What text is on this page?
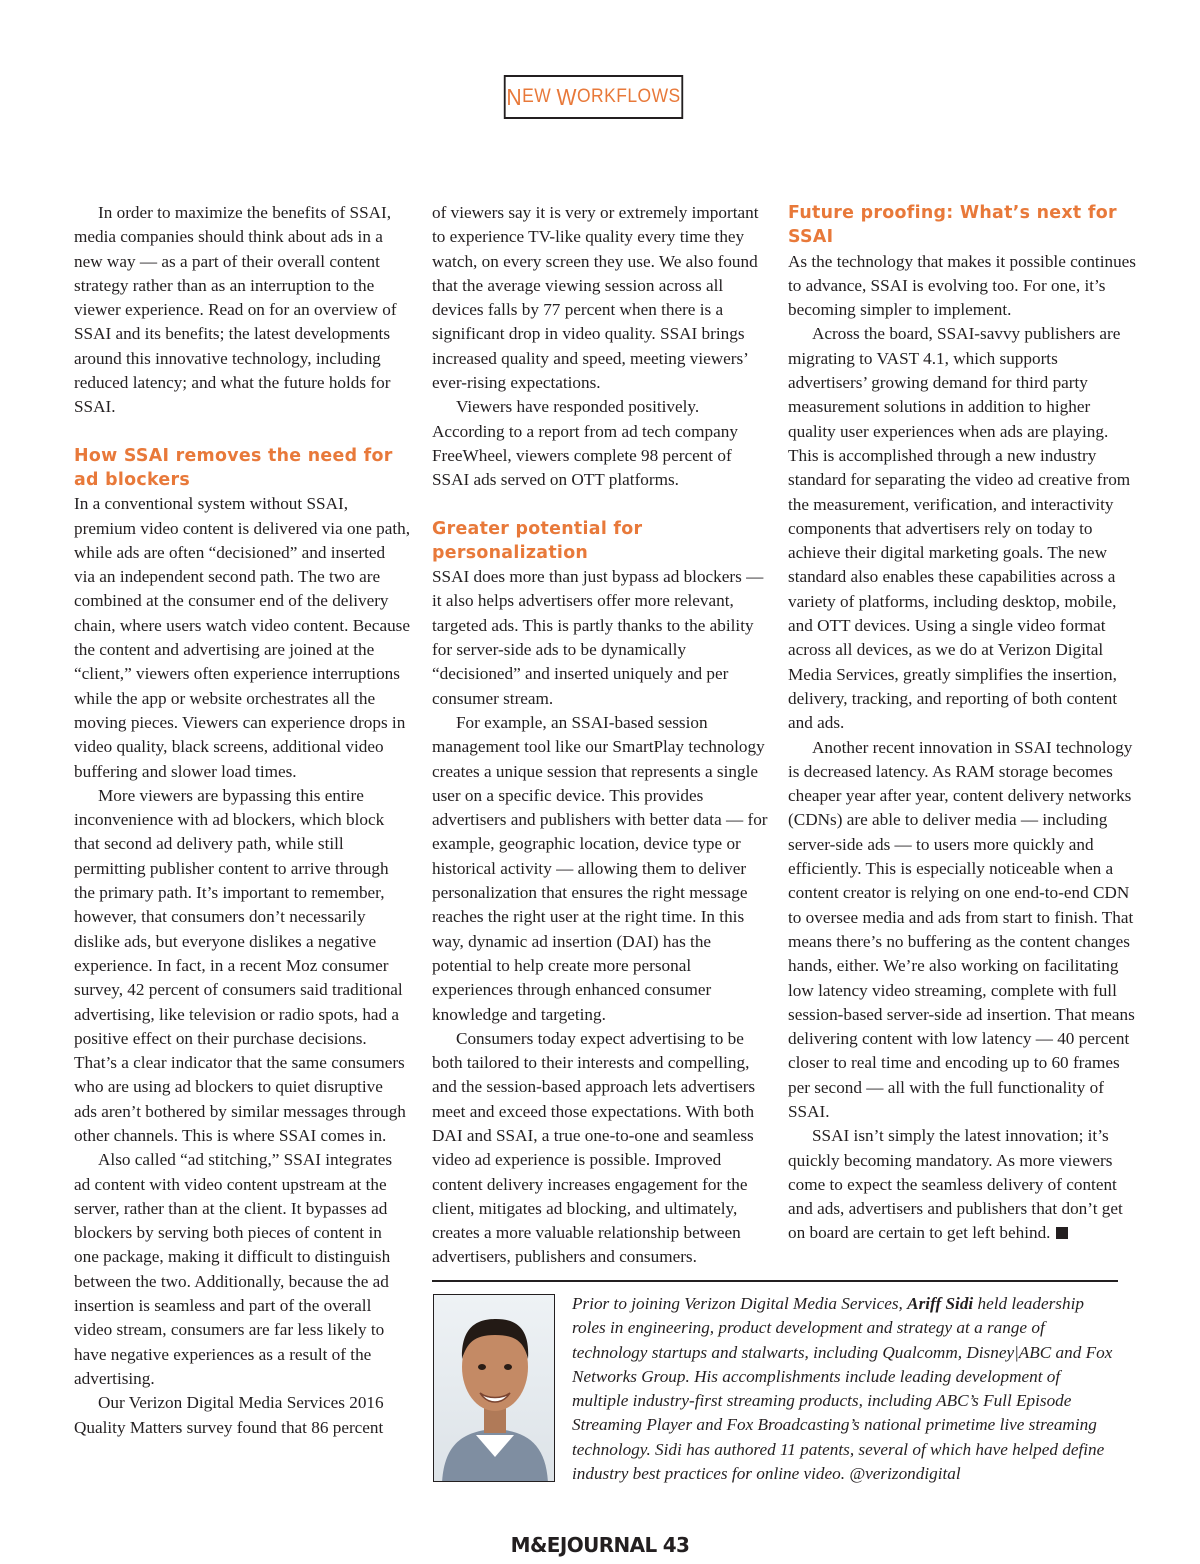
N EW W ORKFLOWS

In order to maximize the benefits of SSAI, media companies should think about ads in a new way — as a part of their overall content strategy rather than as an interruption to the viewer experience. Read on for an overview of SSAI and its benefits; the latest developments around this innovative technology, including reduced latency; and what the future holds for SSAI.

How SSAI removes the need for ad blockers

In a conventional system without SSAI, premium video content is delivered via one path, while ads are often “decisioned” and inserted via an independent second path. The two are combined at the consumer end of the delivery chain, where users watch video content. Because the content and advertising are joined at the “client,” viewers often experience interruptions while the app or website orchestrates all the moving pieces. Viewers can experience drops in video quality, black screens, additional video buffering and slower load times.

More viewers are bypassing this entire inconvenience with ad blockers, which block that second ad delivery path, while still permitting publisher content to arrive through the primary path. It’s important to remember, however, that consumers don’t necessarily dislike ads, but everyone dislikes a negative experience. In fact, in a recent Moz consumer survey, 42 percent of consumers said traditional advertising, like television or radio spots, had a positive effect on their purchase decisions. That’s a clear indicator that the same consumers who are using ad blockers to quiet disruptive ads aren’t bothered by similar messages through other channels. This is where SSAI comes in.

Also called “ad stitching,” SSAI integrates ad content with video content upstream at the server, rather than at the client. It bypasses ad blockers by serving both pieces of content in one package, making it difficult to distinguish between the two. Additionally, because the ad insertion is seamless and part of the overall video stream, consumers are far less likely to have negative experiences as a result of the advertising.

Our Verizon Digital Media Services 2016 Quality Matters survey found that 86 percent

of viewers say it is very or extremely important to experience TV-like quality every time they watch, on every screen they use. We also found that the average viewing session across all devices falls by 77 percent when there is a significant drop in video quality. SSAI brings increased quality and speed, meeting viewers’ ever-rising expectations.

Viewers have responded positively. According to a report from ad tech company FreeWheel, viewers complete 98 percent of SSAI ads served on OTT platforms.

Greater potential for personalization

SSAI does more than just bypass ad blockers — it also helps advertisers offer more relevant, targeted ads. This is partly thanks to the ability for server-side ads to be dynamically “decisioned” and inserted uniquely and per consumer stream.

For example, an SSAI-based session management tool like our SmartPlay technology creates a unique session that represents a single user on a specific device. This provides advertisers and publishers with better data — for example, geographic location, device type or historical activity — allowing them to deliver personalization that ensures the right message reaches the right user at the right time. In this way, dynamic ad insertion (DAI) has the potential to help create more personal experiences through enhanced consumer knowledge and targeting.

Consumers today expect advertising to be both tailored to their interests and compelling, and the session-based approach lets advertisers meet and exceed those expectations. With both DAI and SSAI, a true one-to-one and seamless video ad experience is possible. Improved content delivery increases engagement for the client, mitigates ad blocking, and ultimately, creates a more valuable relationship between advertisers, publishers and consumers.

Future proofing: What’s next for SSAI

As the technology that makes it possible continues to advance, SSAI is evolving too. For one, it’s becoming simpler to implement.

Across the board, SSAI-savvy publishers are migrating to VAST 4.1, which supports advertisers’ growing demand for third party measurement solutions in addition to higher quality user experiences when ads are playing. This is accomplished through a new industry standard for separating the video ad creative from the measurement, verification, and interactivity components that advertisers rely on today to achieve their digital marketing goals. The new standard also enables these capabilities across a variety of platforms, including desktop, mobile, and OTT devices. Using a single video format across all devices, as we do at Verizon Digital Media Services, greatly simplifies the insertion, delivery, tracking, and reporting of both content and ads.

Another recent innovation in SSAI technology is decreased latency. As RAM storage becomes cheaper year after year, content delivery networks (CDNs) are able to deliver media — including server-side ads — to users more quickly and efficiently. This is especially noticeable when a content creator is relying on one end-to-end CDN to oversee media and ads from start to finish. That means there’s no buffering as the content changes hands, either. We’re also working on facilitating low latency video streaming, complete with full session-based server-side ad insertion. That means delivering content with low latency — 40 percent closer to real time and encoding up to 60 frames per second — all with the full functionality of SSAI.

SSAI isn’t simply the latest innovation; it’s quickly becoming mandatory. As more viewers come to expect the seamless delivery of content and ads, advertisers and publishers that don’t get on board are certain to get left behind.

Prior to joining Verizon Digital Media Services, Ariff Sidi held leadership roles in engineering, product development and strategy at a range of technology startups and stalwarts, including Qualcomm, Disney|ABC and Fox Networks Group. His accomplishments include leading development of multiple industry-first streaming products, including ABC’s Full Episode Streaming Player and Fox Broadcasting’s national primetime live streaming technology. Sidi has authored 11 patents, several of which have helped define industry best practices for online video. @verizondigital

M&EJOURNAL 43
